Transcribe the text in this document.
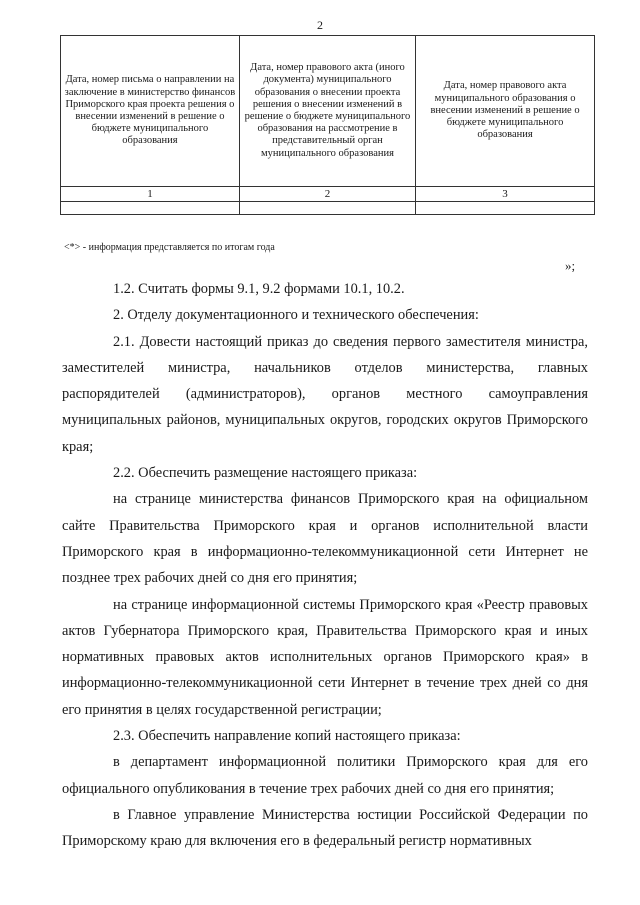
2
Дата, номер письма о направлении на заключение в министерство финансов Приморского края проекта решения о внесении изменений в решение о бюджете муниципального образования	Дата, номер правового акта (иного документа) муниципального образования о внесении проекта решения о внесении изменений в решение о бюджете муниципального образования на рассмотрение в представительный орган муниципального образования	Дата, номер правового акта муниципального образования о внесении изменений в решение о бюджете муниципального образования
1	2	3

<*> - информация представляется по итогам года
»;

1.2. Считать формы 9.1, 9.2 формами 10.1, 10.2.

2. Отделу документационного и технического обеспечения:

2.1. Довести настоящий приказ до сведения первого заместителя министра, заместителей министра, начальников отделов министерства, главных распорядителей (администраторов), органов местного самоуправления муниципальных районов, муниципальных округов, городских округов Приморского края;

2.2. Обеспечить размещение настоящего приказа:

на странице министерства финансов Приморского края на официальном сайте Правительства Приморского края и органов исполнительной власти Приморского края в информационно-телекоммуникационной сети Интернет не позднее трех рабочих дней со дня его принятия;

на странице информационной системы Приморского края «Реестр правовых актов Губернатора Приморского края, Правительства Приморского края и иных нормативных правовых актов исполнительных органов Приморского края» в информационно-телекоммуникационной сети Интернет в течение трех дней со дня его принятия в целях государственной регистрации;

2.3. Обеспечить направление копий настоящего приказа:

в департамент информационной политики Приморского края для его официального опубликования в течение трех рабочих дней со дня его принятия;

в Главное управление Министерства юстиции Российской Федерации по Приморскому краю для включения его в федеральный регистр нормативных
